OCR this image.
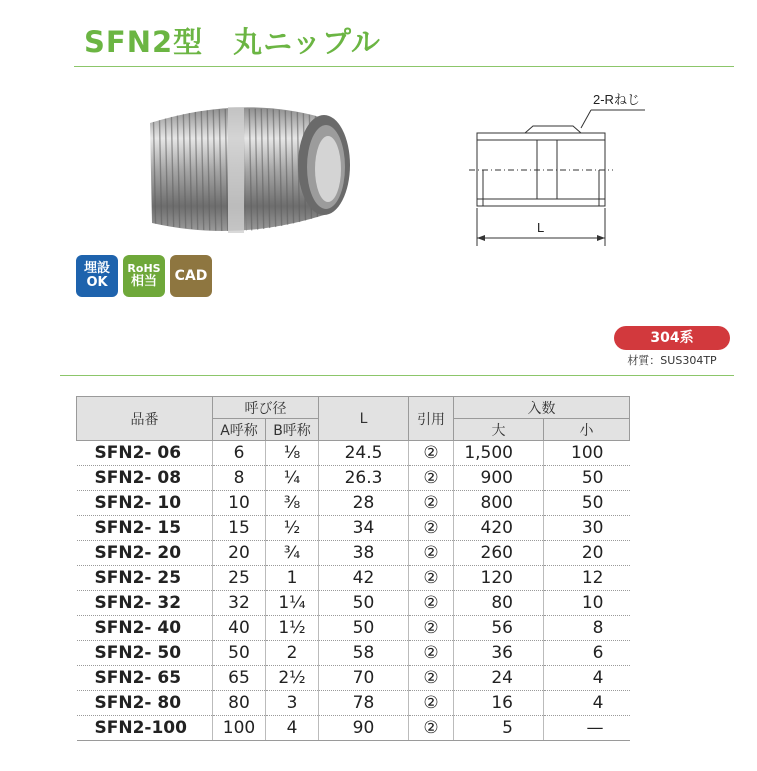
SFN2型 丸ニップル
2-Rねじ
L
埋設
OK
RoHS
相当 CAD
304系
材質：SUS304TP
品番	呼び径		L	引用	入数	
	A呼称	B呼称			大	小
SFN2- 06	6	⅛	24.5	②	1,500	100
SFN2- 08	8	¼	26.3	②	900	50
SFN2- 10	10	⅜	28	②	800	50
SFN2- 15	15	½	34	②	420	30
SFN2- 20	20	¾	38	②	260	20
SFN2- 25	25	1	42	②	120	12
SFN2- 32	32	1¼	50	②	80	10
SFN2- 40	40	1½	50	②	56	8
SFN2- 50	50	2	58	②	36	6
SFN2- 65	65	2½	70	②	24	4
SFN2- 80	80	3	78	②	16	4
SFN2-100	100	4	90	②	5	—
